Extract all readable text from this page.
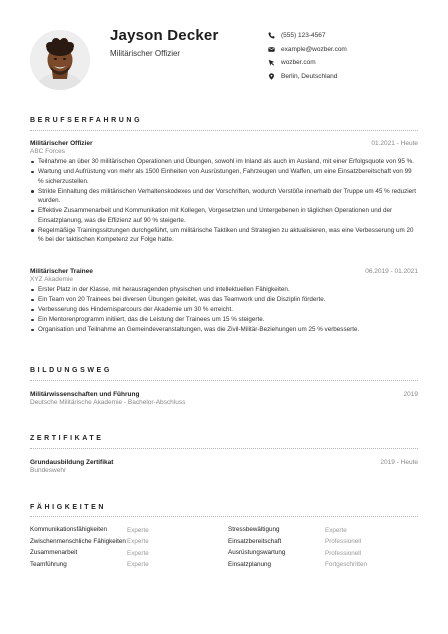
Jayson Decker
Militärischer Offizier
(555) 123-4567
example@wozber.com
wozber.com
Berlin, Deutschland
BERUFSERFAHRUNG
Militärischer Offizier	01.2021 - Heute
ABC Forces
Teilnahme an über 30 militärischen Operationen und Übungen, sowohl im Inland als auch im Ausland, mit einer Erfolgsquote von 95 %.
Wartung und Aufrüstung von mehr als 1500 Einheiten von Ausrüstungen, Fahrzeugen und Waffen, um eine Einsatzbereitschaft von 99 % sicherzustellen.
Strikte Einhaltung des militärischen Verhaltenskodexes und der Vorschriften, wodurch Verstöße innerhalb der Truppe um 45 % reduziert wurden.
Effektive Zusammenarbeit und Kommunikation mit Kollegen, Vorgesetzten und Untergebenen in täglichen Operationen und der Einsatzplanung, was die Effizienz auf 90 % steigerte.
Regelmäßige Trainingssitzungen durchgeführt, um militärische Taktiken und Strategien zu aktualisieren, was eine Verbesserung um 20 % bei der taktischen Kompetenz zur Folge hatte.
Militärischer Trainee	06.2019 - 01.2021
XYZ Akademie
Erster Platz in der Klasse, mit herausragenden physischen und intellektuellen Fähigkeiten.
Ein Team von 20 Trainees bei diversen Übungen geleitet, was das Teamwork und die Disziplin förderte.
Verbesserung des Hindernisparcours der Akademie um 30 % erreicht.
Ein Mentorenprogramm initiiert, das die Leistung der Trainees um 15 % steigerte.
Organisation und Teilnahme an Gemeindeveranstaltungen, was die Zivil-Militär-Beziehungen um 25 % verbesserte.
BILDUNGSWEG
Militärwissenschaften und Führung	2019
Deutsche Militärische Akademie - Bachelor-Abschluss
ZERTIFIKATE
Grundausbildung Zertifikat	2019 - Heute
Bundeswehr
FÄHIGKEITEN
Kommunikationsfähigkeiten	Experte
Zwischenmenschliche Fähigkeiten Experte
Zusammenarbeit	Experte
Teamführung	Experte
Stressbewältigung	Experte
Einsatzbereitschaft	Professionell
Ausrüstungswartung	Professionell
Einsatzplanung	Fortgeschritten
